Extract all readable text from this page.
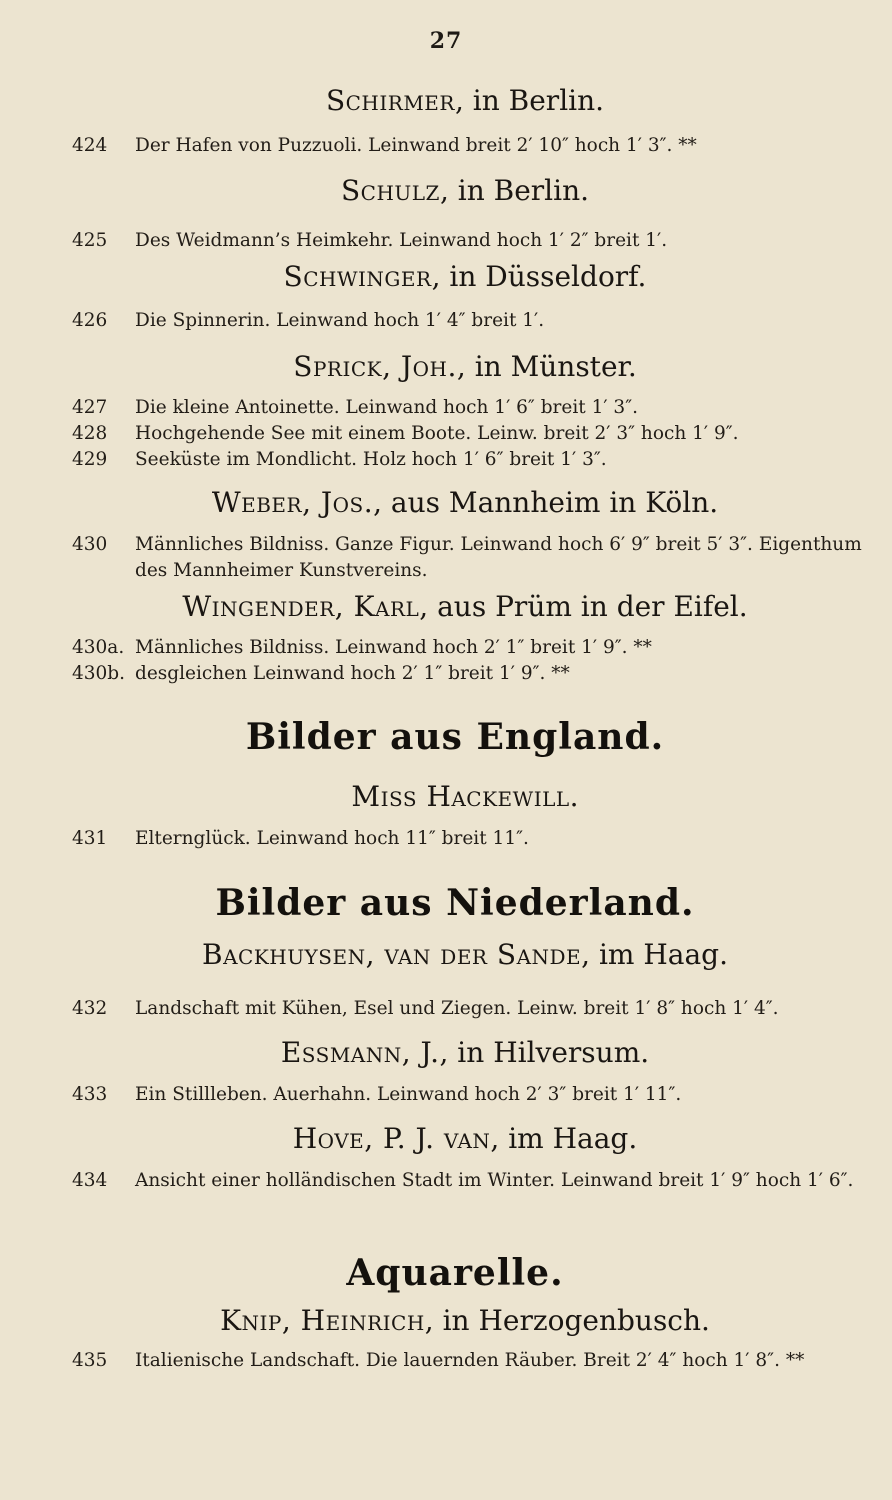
27
Schirmer, in Berlin.
424	Der Hafen von Puzzuoli. Leinwand breit 2′ 10″ hoch 1′ 3″. **
Schulz, in Berlin.
425	Des Weidmann’s Heimkehr. Leinwand hoch 1′ 2″ breit 1′.
Schwinger, in Düsseldorf.
426	Die Spinnerin. Leinwand hoch 1′ 4″ breit 1′.
Sprick, Joh., in Münster.
427	Die kleine Antoinette. Leinwand hoch 1′ 6″ breit 1′ 3″.
428	Hochgehende See mit einem Boote. Leinw. breit 2′ 3″ hoch 1′ 9″.
429	Seeküste im Mondlicht. Holz hoch 1′ 6″ breit 1′ 3″.
Weber, Jos., aus Mannheim in Köln.
430	Männliches Bildniss. Ganze Figur. Leinwand hoch 6′ 9″ breit 5′ 3″. Eigenthum des Mannheimer Kunstvereins.
Wingender, Karl, aus Prüm in der Eifel.
430a. Männliches Bildniss. Leinwand hoch 2′ 1″ breit 1′ 9″. **
430b. desgleichen Leinwand hoch 2′ 1″ breit 1′ 9″. **
Bilder aus England.
Miss Hackewill.
431	Elternglück. Leinwand hoch 11″ breit 11″.
Bilder aus Niederland.
Backhuysen, van der Sande, im Haag.
432	Landschaft mit Kühen, Esel und Ziegen. Leinw. breit 1′ 8″ hoch 1′ 4″.
Essmann, J., in Hilversum.
433	Ein Stillleben. Auerhahn. Leinwand hoch 2′ 3″ breit 1′ 11″.
Hove, P. J. van, im Haag.
434	Ansicht einer holländischen Stadt im Winter. Leinwand breit 1′ 9″ hoch 1′ 6″.
Aquarelle.
Knip, Heinrich, in Herzogenbusch.
435	Italienische Landschaft. Die lauernden Räuber. Breit 2′ 4″ hoch 1′ 8″. **
